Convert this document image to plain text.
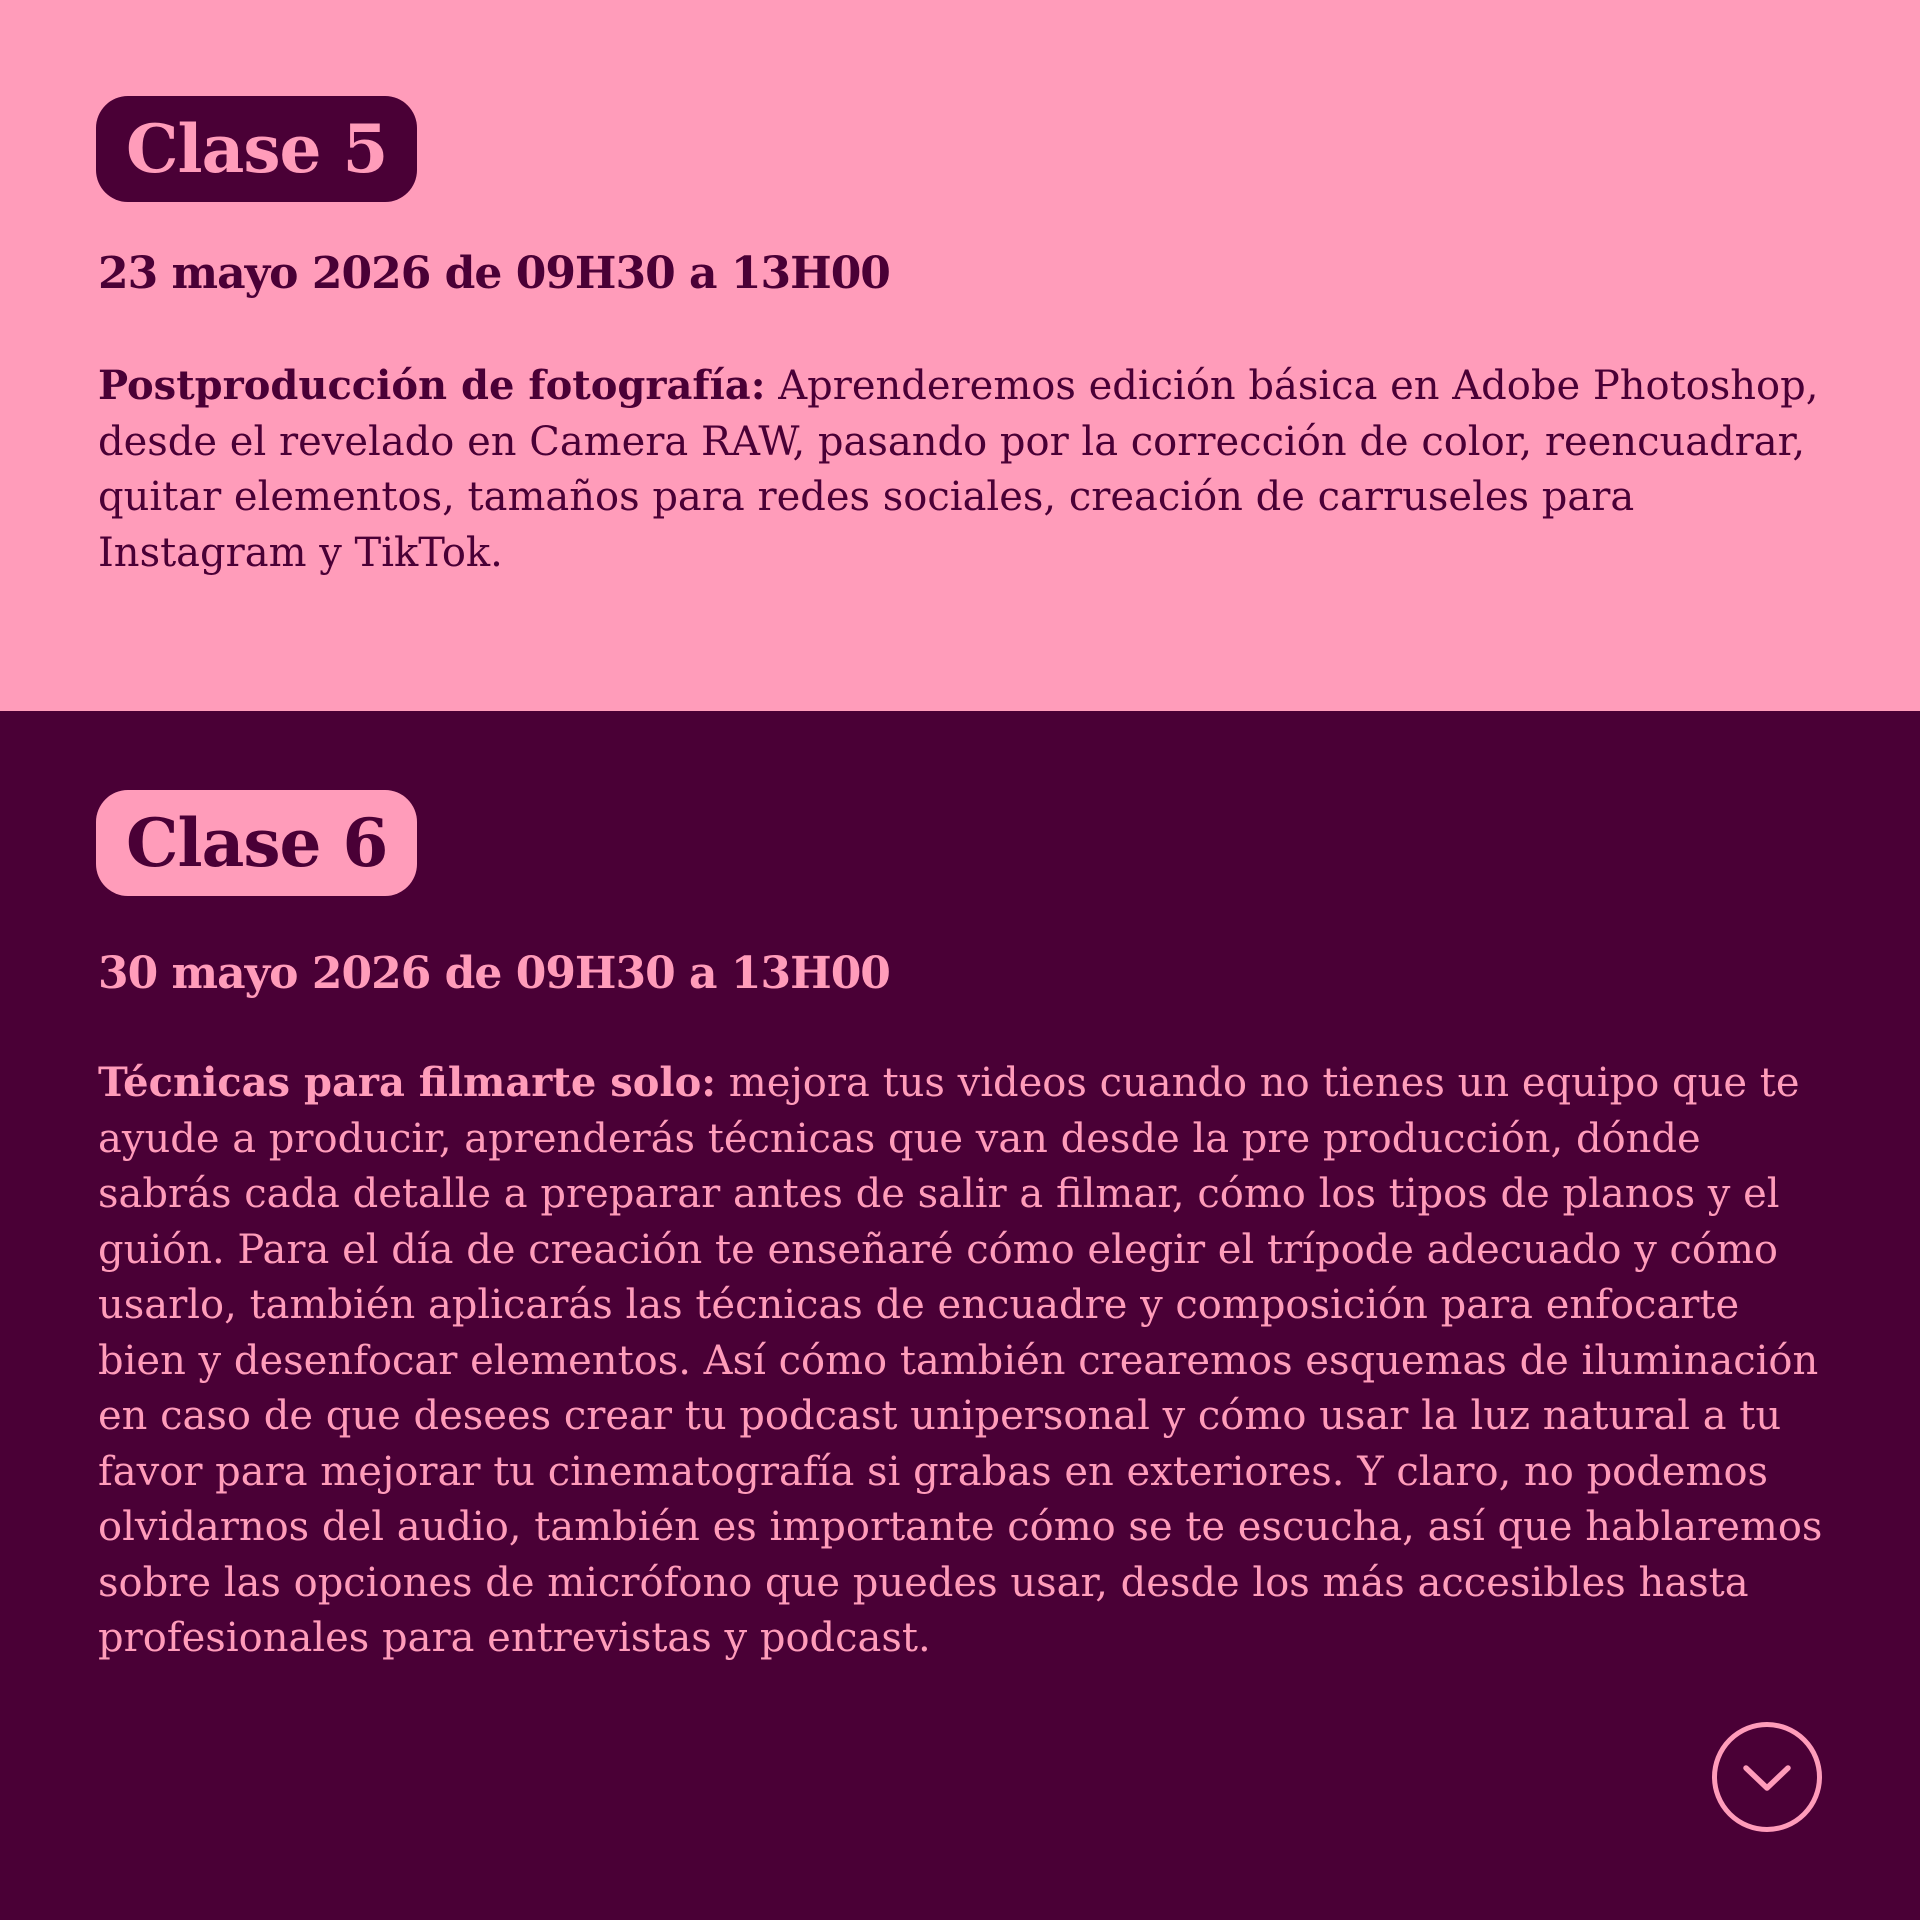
Clase 5
23 mayo 2026 de 09H30 a 13H00

Postproducción de fotografía: Aprenderemos edición básica en Adobe Photoshop, desde el revelado en Camera RAW, pasando por la corrección de color, reencuadrar, quitar elementos, tamaños para redes sociales, creación de carruseles para Instagram y TikTok.

Clase 6
30 mayo 2026 de 09H30 a 13H00

Técnicas para filmarte solo: mejora tus videos cuando no tienes un equipo que te ayude a producir, aprenderás técnicas que van desde la pre producción, dónde sabrás cada detalle a preparar antes de salir a filmar, cómo los tipos de planos y el guión. Para el día de creación te enseñaré cómo elegir el trípode adecuado y cómo usarlo, también aplicarás las técnicas de encuadre y composición para enfocarte bien y desenfocar elementos. Así cómo también crearemos esquemas de iluminación en caso de que desees crear tu podcast unipersonal y cómo usar la luz natural a tu favor para mejorar tu cinematografía si grabas en exteriores. Y claro, no podemos olvidarnos del audio, también es importante cómo se te escucha, así que hablaremos sobre las opciones de micrófono que puedes usar, desde los más accesibles hasta profesionales para entrevistas y podcast.
